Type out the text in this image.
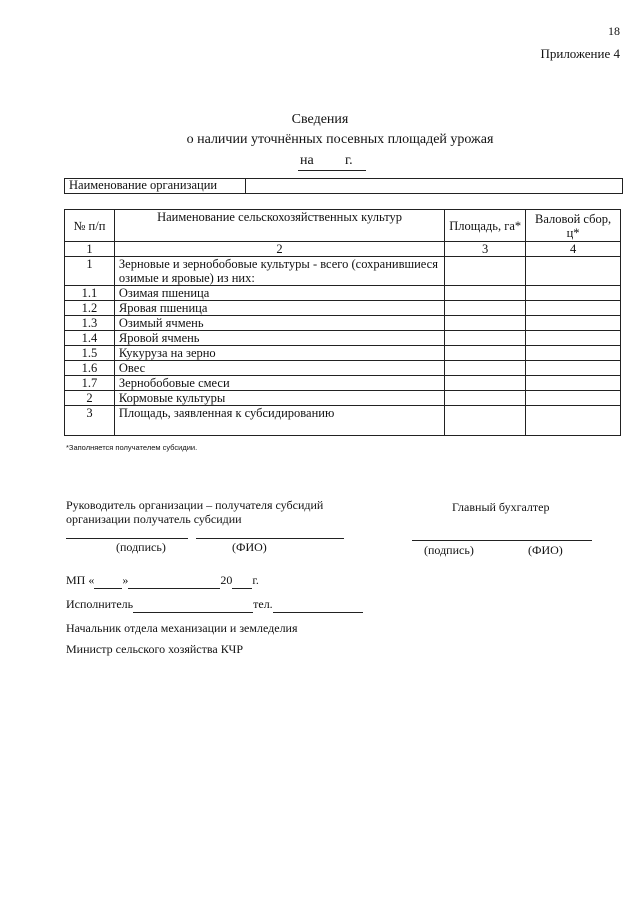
18
Приложение 4
Сведения
о наличии уточнённых посевных площадей урожая
на г.
Наименование организации
№ п/п	Наименование сельскохозяйственных культур	Площадь, га*	Валовой сбор, ц*
1	2	3	4
1	Зерновые и зернобобовые культуры - всего (сохранившиеся озимые и яровые) из них:		
1.1	Озимая пшеница		
1.2	Яровая пшеница		
1.3	Озимый ячмень		
1.4	Яровой ячмень		
1.5	Кукуруза на зерно		
1.6	Овес		
1.7	Зернобобовые смеси		
2	Кормовые культуры		
3	Площадь, заявленная к субсидированию		
*Заполняется получателем субсидии.
Руководитель организации – получателя субсидий
организации получатель субсидии
Главный бухгалтер
(подпись)	(ФИО)	(подпись)	(ФИО)
МП « »	20 г.
Исполнитель	тел.
Начальник отдела механизации и земледелия
Министр сельского хозяйства КЧР
